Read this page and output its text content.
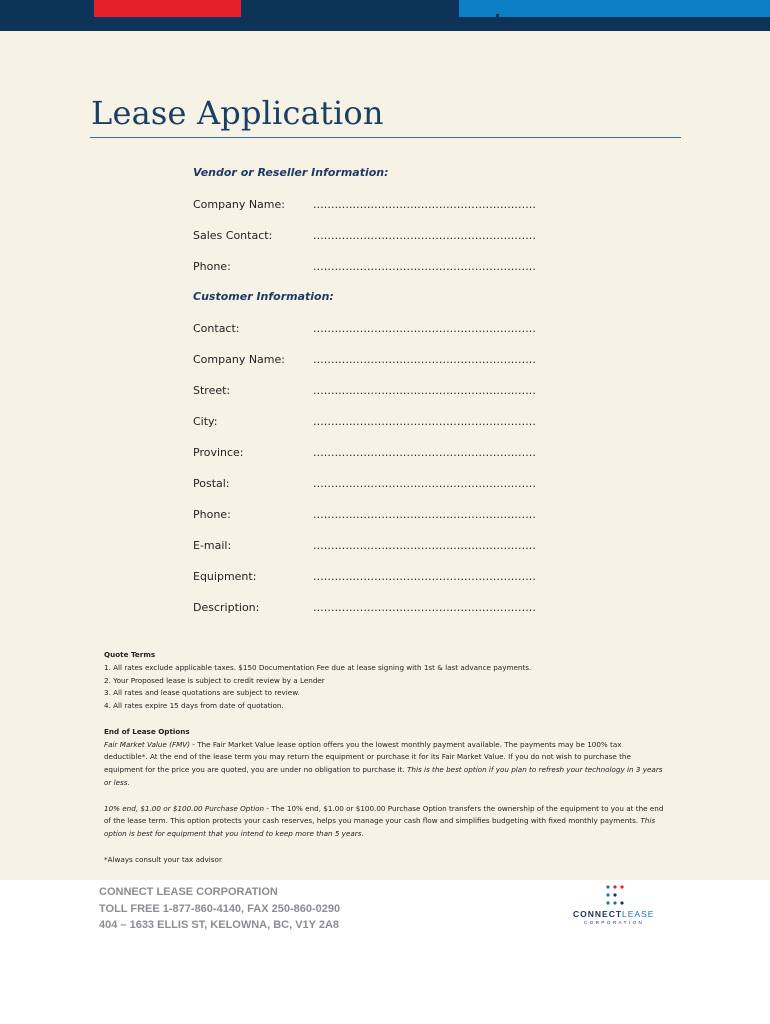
Lease Application
Vendor or Reseller Information:
Company Name:	..............................................................
Sales Contact:	..............................................................
Phone:	..............................................................
Customer Information:
Contact:	..............................................................
Company Name:	..............................................................
Street:	..............................................................
City:	..............................................................
Province:	..............................................................
Postal:	..............................................................
Phone:	..............................................................
E-mail:	..............................................................
Equipment:	..............................................................
Description:	..............................................................

Quote Terms

1. All rates exclude applicable taxes. $150 Documentation Fee due at lease signing with 1st & last advance payments.

2. Your Proposed lease is subject to credit review by a Lender

3. All rates and lease quotations are subject to review.

4. All rates expire 15 days from date of quotation.

End of Lease Options

Fair Market Value (FMV) - The Fair Market Value lease option offers you the lowest monthly payment available. The payments may be 100% tax deductible*. At the end of the lease term you may return the equipment or purchase it for its Fair Market Value. If you do not wish to purchase the equipment for the price you are quoted, you are under no obligation to purchase it. This is the best option if you plan to refresh your technology in 3 years or less.

10% end, $1.00 or $100.00 Purchase Option - The 10% end, $1.00 or $100.00 Purchase Option transfers the ownership of the equipment to you at the end of the lease term. This option protects your cash reserves, helps you manage your cash flow and simplifies budgeting with fixed monthly payments. This option is best for equipment that you intend to keep more than 5 years.

*Always consult your tax advisor

CONNECT LEASE CORPORATION
TOLL FREE 1-877-860-4140, FAX 250-860-0290
404 – 1633 ELLIS ST, KELOWNA, BC, V1Y 2A8
CONNECTLEASE
CORPORATION
